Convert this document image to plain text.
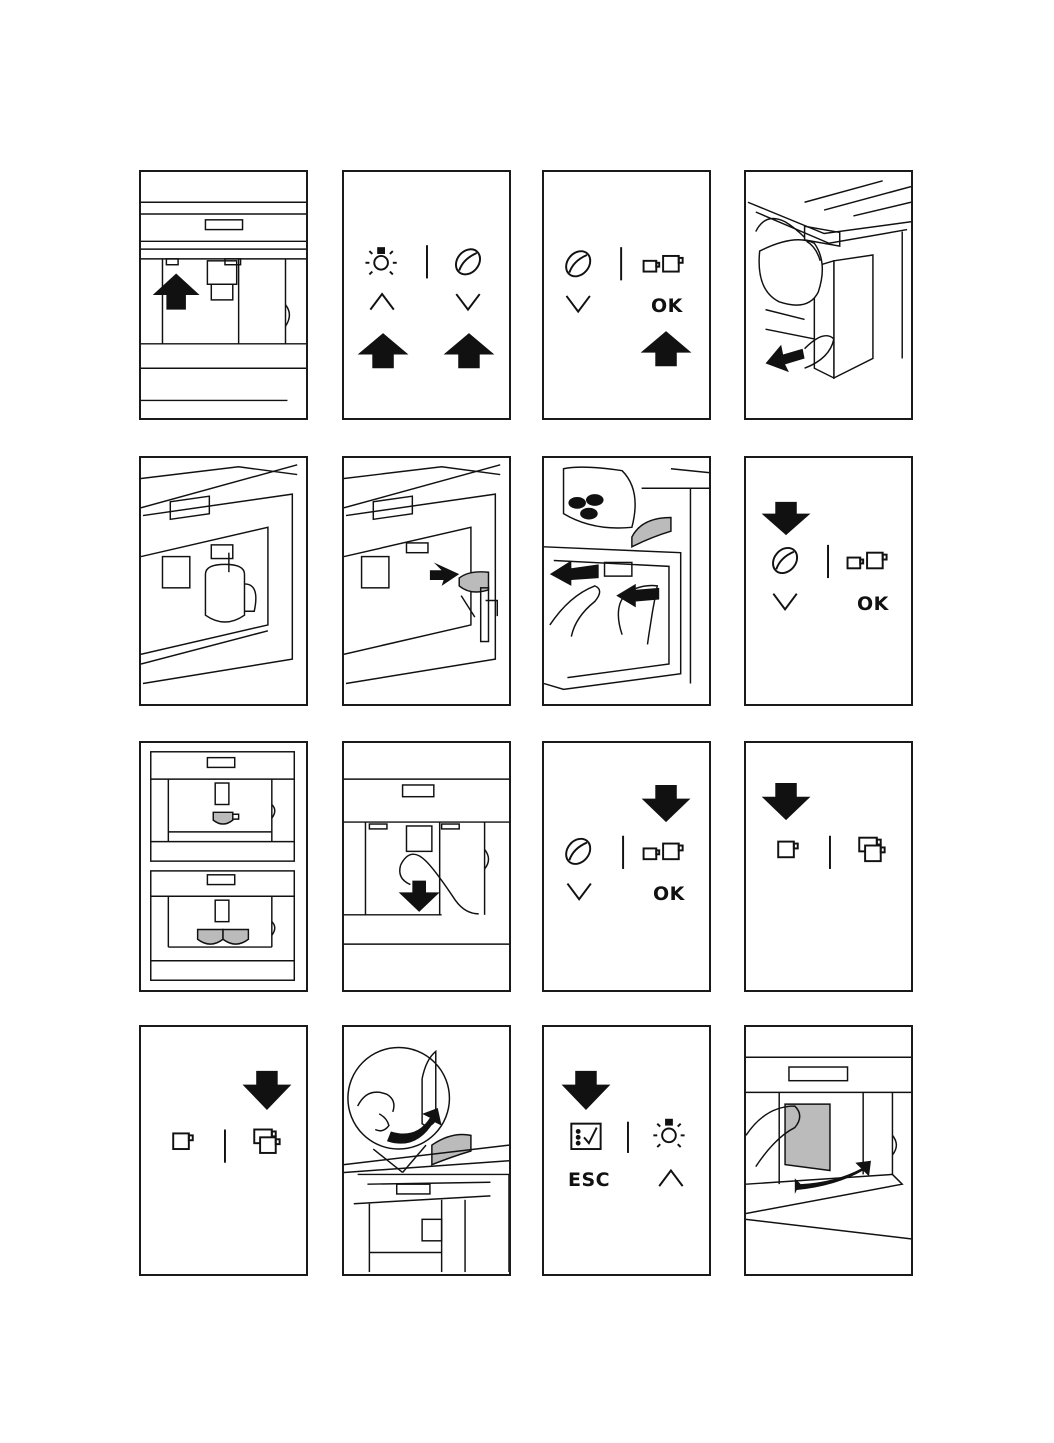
OK
OK
OK
ESC
